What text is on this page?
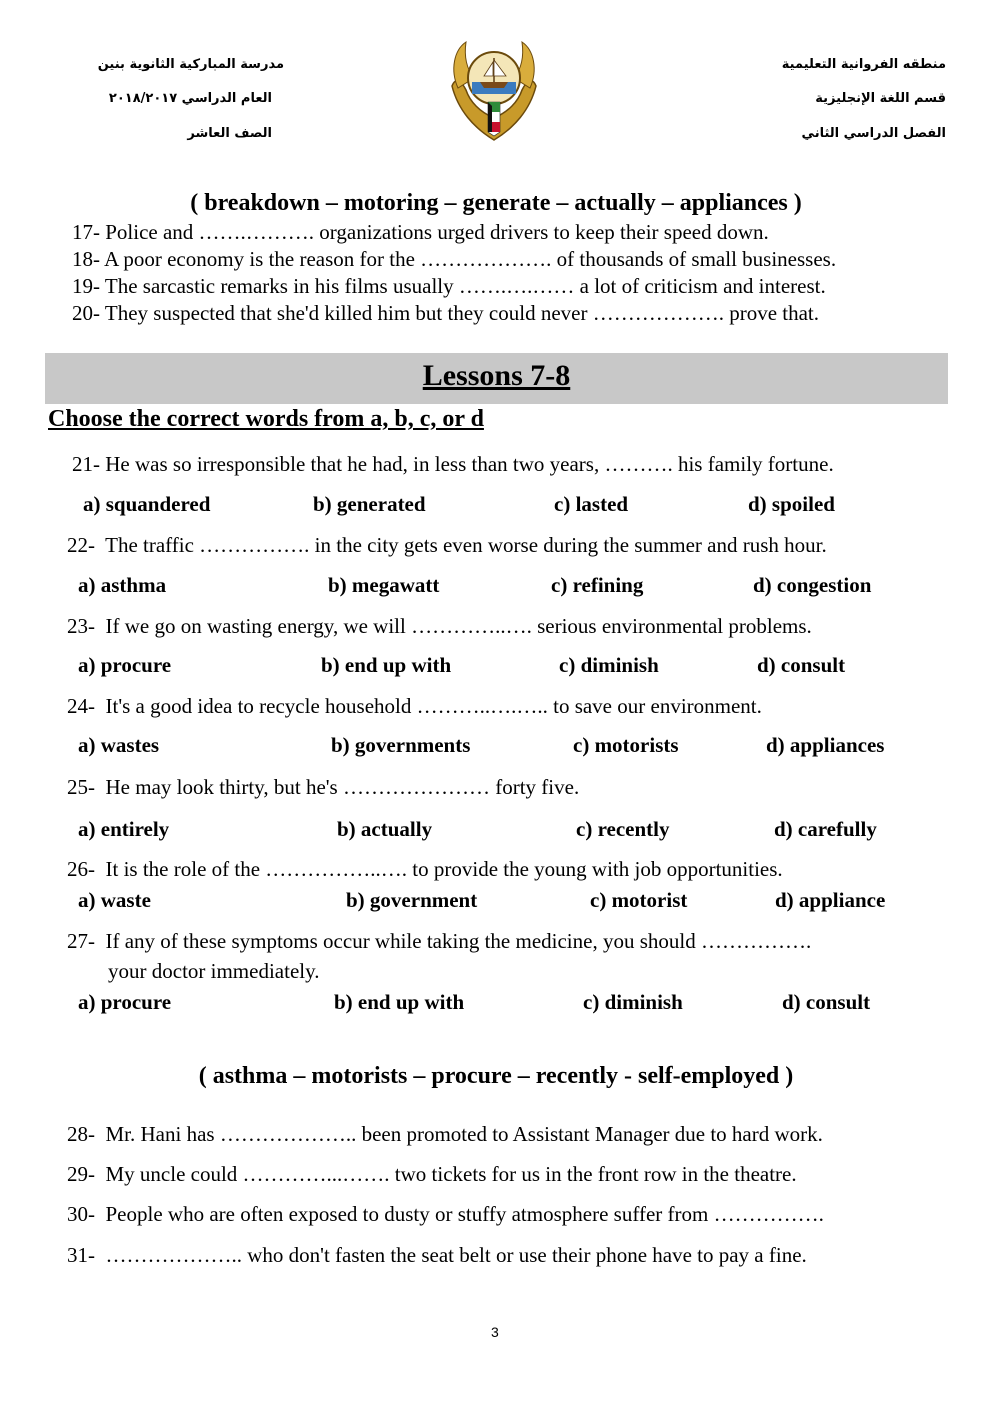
منطقه الفروانية التعليمية
قسم اللغة الإنجليزية
الفصل الدراسي الثاني
مدرسة المباركية الثانوية بنين
العام الدراسي ٢٠١٨/٢٠١٧
الصف العاشر
( breakdown – motoring – generate – actually – appliances )
17- Police and …….………. organizations urged drivers to keep their speed down.
18- A poor economy is the reason for the ………………. of thousands of small businesses.
19- The sarcastic remarks in his films usually …….….…… a lot of criticism and interest.
20- They suspected that she'd killed him but they could never ………………. prove that.
Lessons 7-8
Choose the correct words from a, b, c, or d
21- He was so irresponsible that he had, in less than two years, ………. his family fortune.
a) squandered	b) generated	c) lasted	d) spoiled
22- The traffic ……………. in the city gets even worse during the summer and rush hour.
a) asthma	b) megawatt	c) refining	d) congestion
23- If we go on wasting energy, we will …………..…. serious environmental problems.
a) procure	b) end up with	c) diminish	d) consult
24- It's a good idea to recycle household ………..….….. to save our environment.
a) wastes	b) governments	c) motorists	d) appliances
25- He may look thirty, but he's ………………… forty five.
a) entirely	b) actually	c) recently	d) carefully
26- It is the role of the ……………..…. to provide the young with job opportunities.
a) waste	b) government	c) motorist	d) appliance
27- If any of these symptoms occur while taking the medicine, you should …………….
your doctor immediately.
a) procure	b) end up with	c) diminish	d) consult
( asthma – motorists – procure – recently - self-employed )
28- Mr. Hani has ……………….. been promoted to Assistant Manager due to hard work.
29- My uncle could …………...……. two tickets for us in the front row in the theatre.
30- People who are often exposed to dusty or stuffy atmosphere suffer from …………….
31- ……………….. who don't fasten the seat belt or use their phone have to pay a fine.
3
